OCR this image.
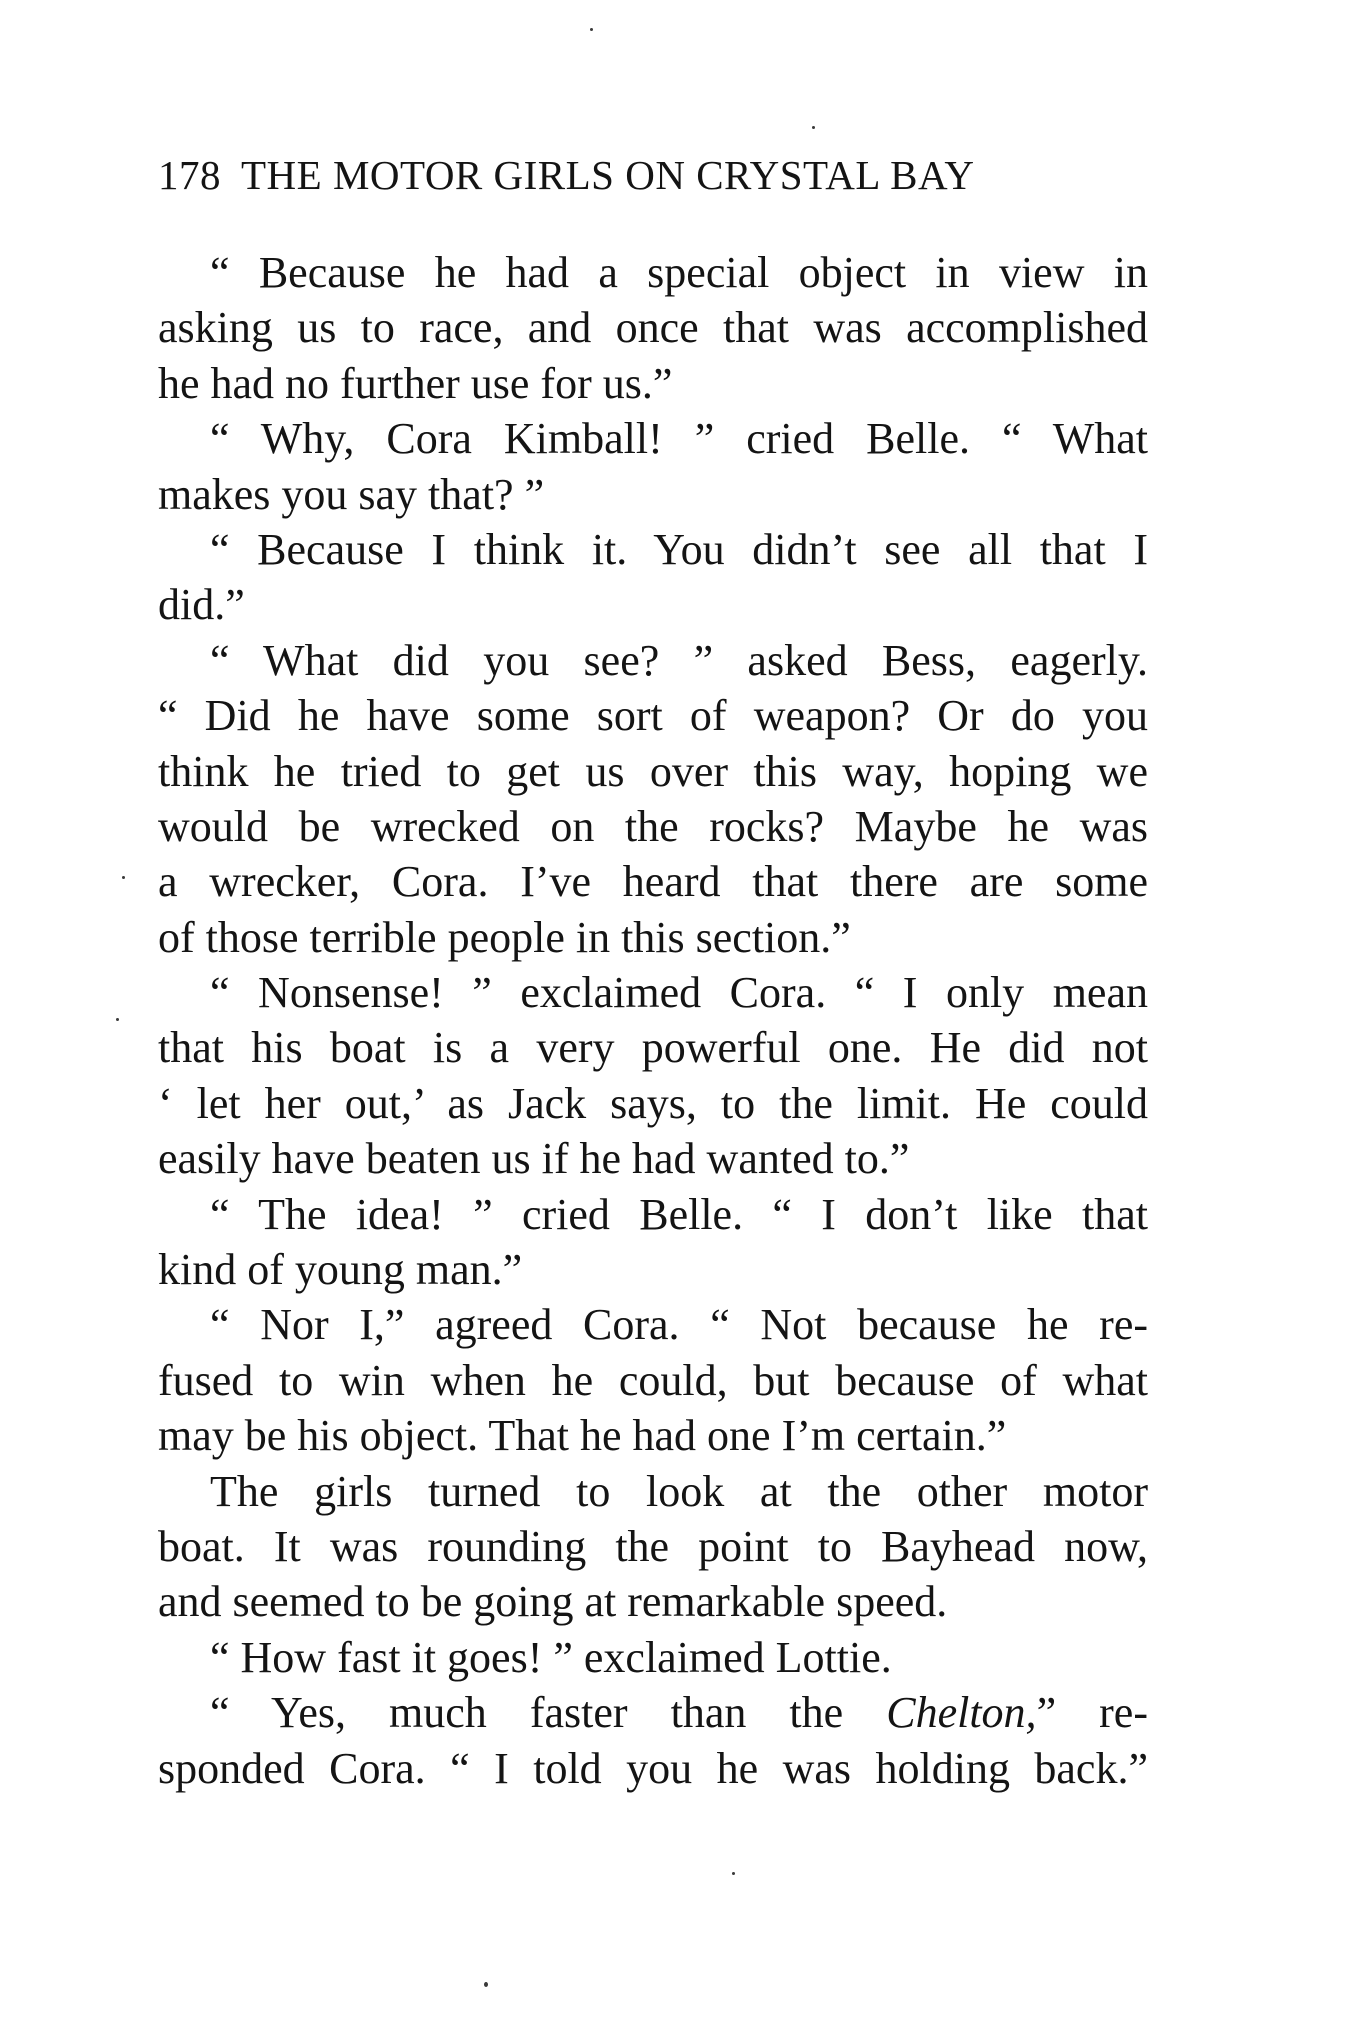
178 THE MOTOR GIRLS ON CRYSTAL BAY
“ Because he had a special object in view in
asking us to race, and once that was accomplished
he had no further use for us.”
“ Why, Cora Kimball! ” cried Belle. “ What
makes you say that? ”
“ Because I think it. You didn’t see all that I
did.”
“ What did you see? ” asked Bess, eagerly.
“ Did he have some sort of weapon? Or do you
think he tried to get us over this way, hoping we
would be wrecked on the rocks? Maybe he was
a wrecker, Cora. I’ve heard that there are some
of those terrible people in this section.”
“ Nonsense! ” exclaimed Cora. “ I only mean
that his boat is a very powerful one. He did not
‘ let her out,’ as Jack says, to the limit. He could
easily have beaten us if he had wanted to.”
“ The idea! ” cried Belle. “ I don’t like that
kind of young man.”
“ Nor I,” agreed Cora. “ Not because he re-
fused to win when he could, but because of what
may be his object. That he had one I’m certain.”
The girls turned to look at the other motor
boat. It was rounding the point to Bayhead now,
and seemed to be going at remarkable speed.
“ How fast it goes! ” exclaimed Lottie.
“ Yes, much faster than the Chelton,” re-
sponded Cora. “ I told you he was holding back.”
